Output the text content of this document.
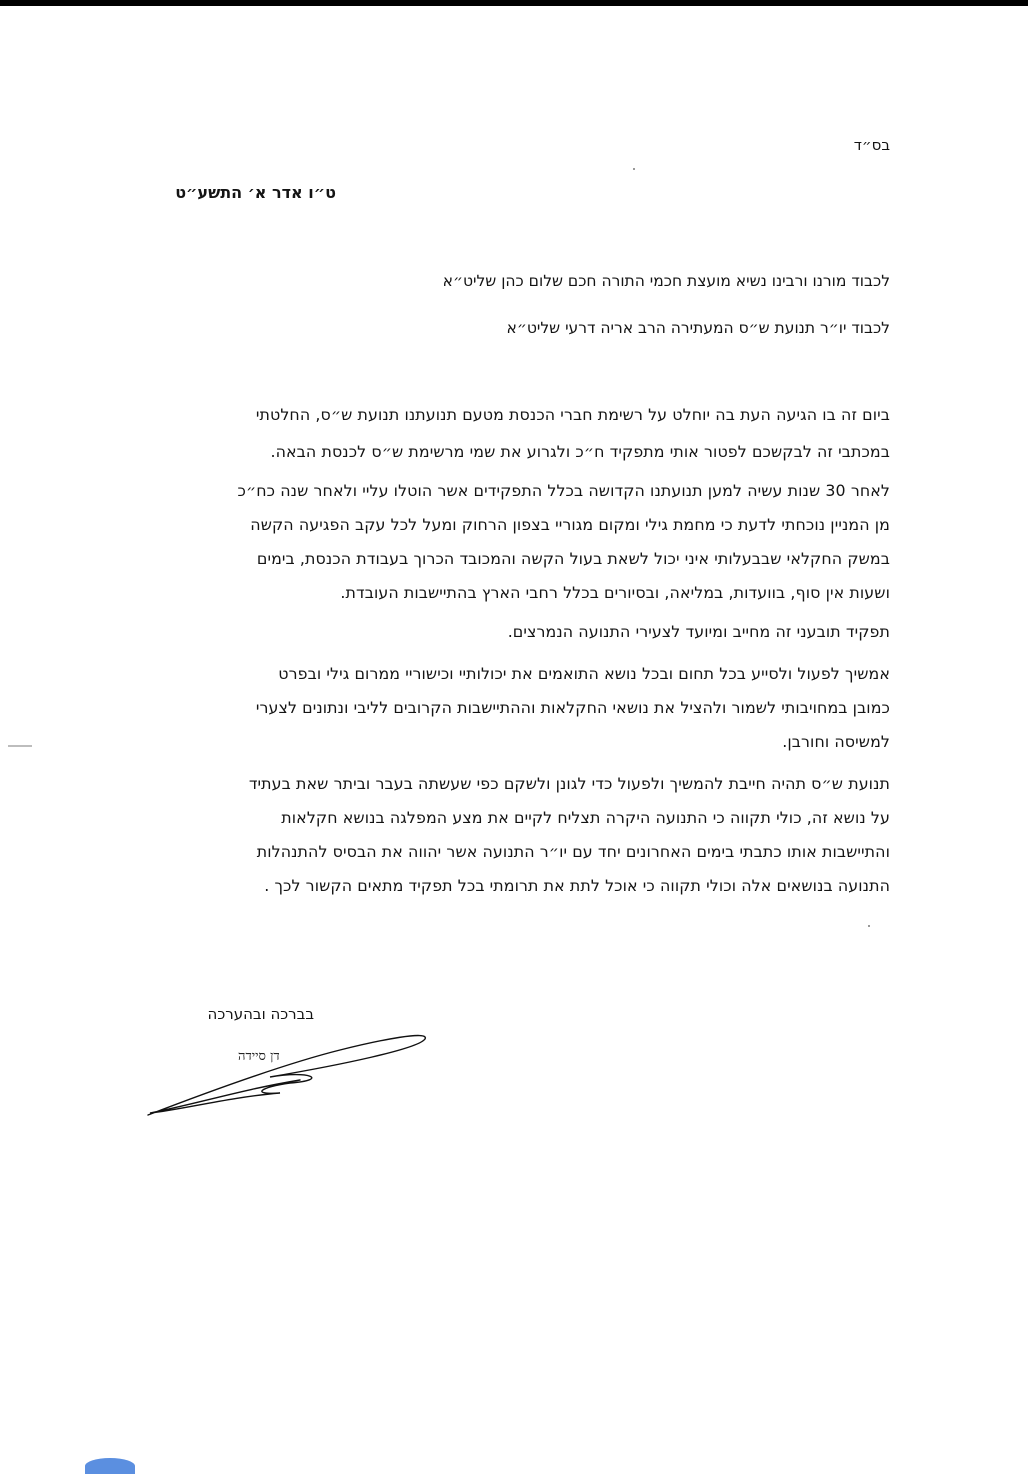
בס״ד
ט״ו אדר א׳ התשע״ט
לכבוד מורנו ורבינו נשיא מועצת חכמי התורה חכם שלום כהן שליט״א
לכבוד יו״ר תנועת ש״ס המעתירה הרב אריה דרעי שליט״א
ביום זה בו הגיעה העת בה יוחלט על רשימת חברי הכנסת מטעם תנועתנו תנועת ש״ס, החלטתי
במכתבי זה לבקשכם לפטור אותי מתפקיד ח״כ ולגרוע את שמי מרשימת ש״ס לכנסת הבאה.
לאחר 30 שנות עשיה למען תנועתנו הקדושה בכלל התפקידים אשר הוטלו עליי ולאחר שנה כח״כ
מן המניין נוכחתי לדעת כי מחמת גילי ומקום מגוריי בצפון הרחוק ומעל לכל עקב הפגיעה הקשה
במשק החקלאי שבבעלותי איני יכול לשאת בעול הקשה והמכובד הכרוך בעבודת הכנסת, בימים
ושעות אין סוף, בוועדות, במליאה, ובסיורים בכלל רחבי הארץ בהתיישבות העובדת.
תפקיד תובעני זה מחייב ומיועד לצעירי התנועה הנמרצים.
אמשיך לפעול ולסייע בכל תחום ובכל נושא התואמים את יכולותיי וכישוריי ממרום גילי ובפרט
כמובן במחויבותי לשמור ולהציל את נושאי החקלאות וההתיישבות הקרובים לליבי ונתונים לצערי
למשיסה וחורבן.
תנועת ש״ס תהיה חייבת להמשיך ולפעול כדי לגונן ולשקם כפי שעשתה בעבר וביתר שאת בעתיד
על נושא זה, כולי תקווה כי התנועה היקרה תצליח לקיים את מצע המפלגה בנושא חקלאות
והתיישבות אותו כתבתי בימים האחרונים יחד עם יו״ר התנועה אשר יהווה את הבסיס להתנהלות
התנועה בנושאים אלה וכולי תקווה כי אוכל לתת את תרומתי בכל תפקיד מתאים הקשור לכך .
בברכה ובהערכה
דן סיידה
